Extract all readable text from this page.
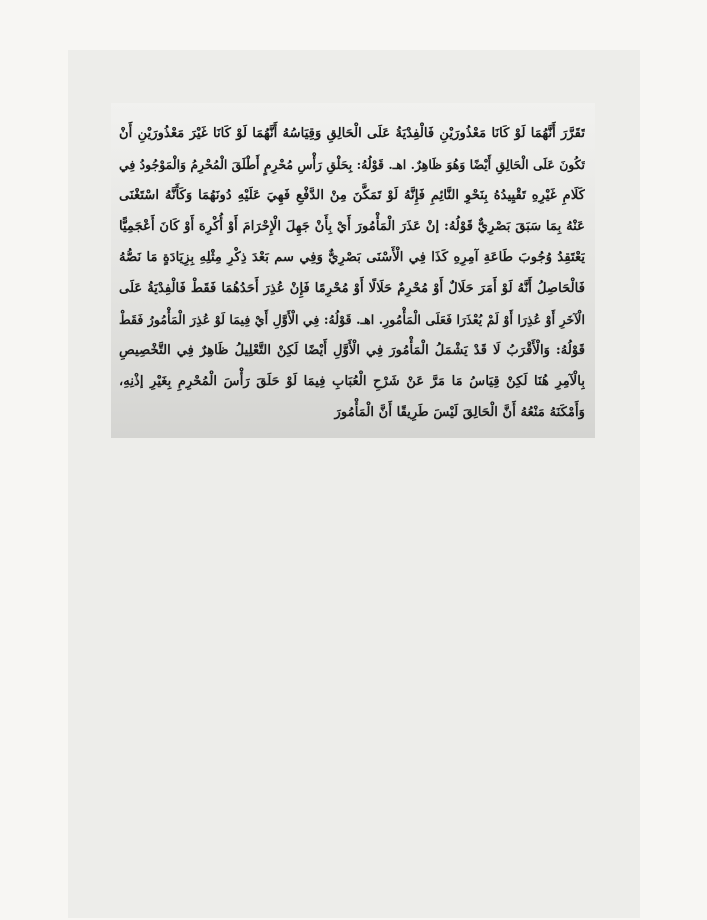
تَقَرَّرَ أَنَّهُمَا لَوْ كَانَا مَعْذُورَيْنِ فَالْفِدْيَةُ عَلَى الْحَالِقِ وَقِيَاسُهُ أَنَّهُمَا لَوْ كَانَا غَيْرَ مَعْذُورَيْنِ أَنْ
تَكُونَ عَلَى الْحَالِقِ أَيْضًا وَهُوَ ظَاهِرٌ. اهـ. قَوْلُهُ: بِحَلْقِ رَأْسِ مُحْرِمٍ أَطْلَقَ الْمُحْرِمُ وَالْمَوْجُودُ فِي
كَلَامِ غَيْرِهِ تَقْيِيدُهُ بِنَحْوِ النَّائِمِ فَإِنَّهُ لَوْ تَمَكَّنَ مِنْ الدَّفْعِ فَهِيَ عَلَيْهِ دُونَهُمَا وَكَأَنَّهُ اسْتَغْنَى
عَنْهُ بِمَا سَبَقَ بَصْرِيٌّ قَوْلُهُ: إنْ عَذَرَ الْمَأْمُورَ أَيْ بِأَنْ جَهِلَ الْإِحْرَامَ أَوْ أُكْرِهَ أَوْ كَانَ أَعْجَمِيًّا
يَعْتَقِدُ وُجُوبَ طَاعَةِ آمِرِهِ كَذَا فِي الْأَسْنَى بَصْرِيٌّ وَفِي سم بَعْدَ ذِكْرِ مِثْلِهِ بِزِيَادَةٍ مَا نَصُّهُ
فَالْحَاصِلُ أَنَّهُ لَوْ أَمَرَ حَلَالٌ أَوْ مُحْرِمٌ حَلَالًا أَوْ مُحْرِمًا فَإِنْ عُذِرَ أَحَدُهُمَا فَقَطْ فَالْفِدْيَةُ عَلَى
الْآخَرِ أَوْ عُذِرَا أَوْ لَمْ يُعْذَرَا فَعَلَى الْمَأْمُورِ. اهـ. قَوْلُهُ: فِي الْأَوَّلِ أَيْ فِيمَا لَوْ عُذِرَ الْمَأْمُورُ فَقَطْ
قَوْلُهُ: وَالْأَقْرَبُ لَا قَدْ يَشْمَلُ الْمَأْمُورَ فِي الْأَوَّلِ أَيْضًا لَكِنْ التَّعْلِيلُ ظَاهِرٌ فِي التَّخْصِيصِ
بِالْآمِرِ هُنَا لَكِنْ قِيَاسُ مَا مَرَّ عَنْ شَرْحِ الْعُبَابِ فِيمَا لَوْ حَلَقَ رَأْسَ الْمُحْرِمِ بِغَيْرِ إذْنِهِ،
وَأَمْكَنَهُ مَنْعُهُ أَنَّ الْحَالِقَ لَيْسَ طَرِيقًا أَنَّ الْمَأْمُورَ
